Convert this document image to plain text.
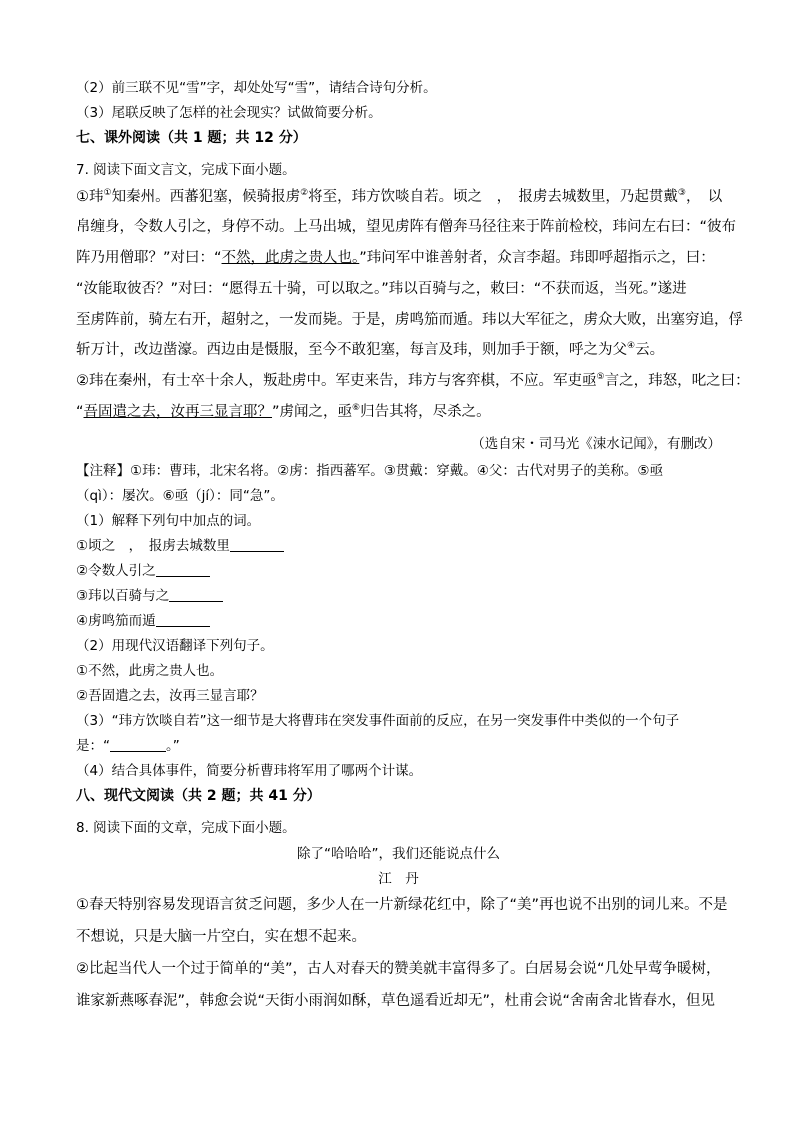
（2）前三联不见“雪”字，却处处写“雪”，请结合诗句分析。

（3）尾联反映了怎样的社会现实？试做简要分析。

七、课外阅读（共 1 题；共 12 分）

7. 阅读下面文言文，完成下面小题。

①玮①知秦州。西蕃犯塞，候骑报虏②将至，玮方饮啖自若。顷之　，　报虏去城数里，乃起贯戴③，　以

帛缠身，令数人引之，身停不动。上马出城，望见虏阵有僧奔马径往来于阵前检校，玮问左右曰：“彼布

阵乃用僧耶？”对曰：“不然，此虏之贵人也。”玮问军中谁善射者，众言李超。玮即呼超指示之，曰：

“汝能取彼否？”对曰：“愿得五十骑，可以取之。”玮以百骑与之，敕曰：“不获而返，当死。”遂进

至虏阵前，骑左右开，超射之，一发而毙。于是，虏鸣笳而遁。玮以大军征之，虏众大败，出塞穷追，俘

斩万计，改边凿濠。西边由是慑服，至今不敢犯塞，每言及玮，则加手于额，呼之为父④云。

②玮在秦州，有士卒十余人，叛赴虏中。军吏来告，玮方与客弈棋，不应。军吏亟⑤言之，玮怒，叱之曰：

“吾固遣之去，汝再三显言耶？”虏闻之，亟⑥归告其将，尽杀之。

（选自宋・司马光《涑水记闻》，有删改）

【注释】①玮：曹玮，北宋名将。②虏：指西蕃军。③贯戴：穿戴。④父：古代对男子的美称。⑤亟

（qì）：屡次。⑥亟（jí）：同“急”。

（1）解释下列句中加点的词。

①顷之　，　报虏去城数里

②令数人引之

③玮以百骑与之

④虏鸣笳而遁

（2）用现代汉语翻译下列句子。

①不然，此虏之贵人也。

②吾固遣之去，汝再三显言耶？

（3）“玮方饮啖自若”这一细节是大将曹玮在突发事件面前的反应，在另一突发事件中类似的一个句子

是：“	。”

（4）结合具体事件，简要分析曹玮将军用了哪两个计谋。

八、现代文阅读（共 2 题；共 41 分）

8. 阅读下面的文章，完成下面小题。

除了“哈哈哈”，我们还能说点什么

江　丹

①春天特别容易发现语言贫乏问题，多少人在一片新绿花红中，除了“美”再也说不出别的词儿来。不是

不想说，只是大脑一片空白，实在想不起来。

②比起当代人一个过于简单的“美”，古人对春天的赞美就丰富得多了。白居易会说“几处早莺争暖树，

谁家新燕啄春泥”，韩愈会说“天街小雨润如酥，草色遥看近却无”，杜甫会说“舍南舍北皆春水，但见
